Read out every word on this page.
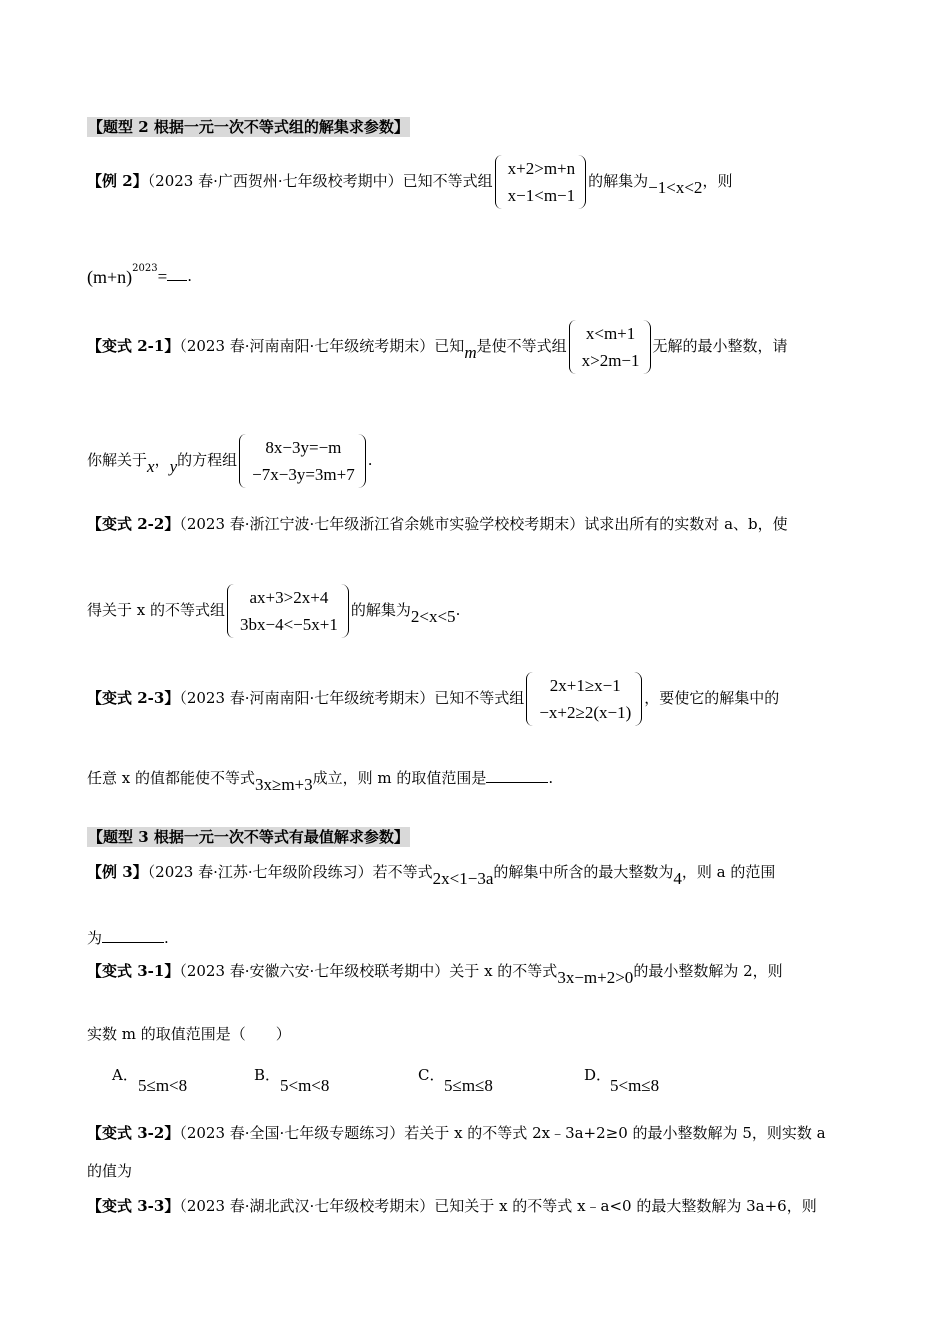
【题型 2 根据一元一次不等式组的解集求参数】
【例 2】（2023 春·广西贺州·七年级校考期中）已知不等式组
x+2>m+n
x−1<m−1
的解集为−1<x<2，则
$(m+n)^{2023}=$ .
【变式 2-1】（2023 春·河南南阳·七年级统考期末）已知m是使不等式组
x<m+1
x>2m−1
无解的最小整数，请
你解关于x，y的方程组
8x−3y=−m
−7x−3y=3m+7
.
【变式 2-2】（2023 春·浙江宁波·七年级浙江省余姚市实验学校校考期末）试求出所有的实数对 a、b，使
得关于 x 的不等式组
ax+3>2x+4
3bx−4<−5x+1
的解集为2<x<5.
【变式 2-3】（2023 春·河南南阳·七年级统考期末）已知不等式组
2x+1≥x−1
−x+2≥2(x−1)
，要使它的解集中的
任意 x 的值都能使不等式3x≥m+3成立，则 m 的取值范围是	.
【题型 3 根据一元一次不等式有最值解求参数】
【例 3】（2023 春·江苏·七年级阶段练习）若不等式2x<1−3a的解集中所含的最大整数为4，则 a 的范围
为	.
【变式 3-1】（2023 春·安徽六安·七年级校联考期中）关于 x 的不等式3x−m+2>0的最小整数解为 2，则
实数 m 的取值范围是（　　）
A．
5≤m<8
B．
5<m<8
C．
5≤m≤8
D．
5<m≤8
【变式 3-2】（2023 春·全国·七年级专题练习）若关于 x 的不等式 2x﹣3a+2≥0 的最小整数解为 5，则实数 a
的值为
【变式 3-3】（2023 春·湖北武汉·七年级校考期末）已知关于 x 的不等式 x﹣a<0 的最大整数解为 3a+6，则
